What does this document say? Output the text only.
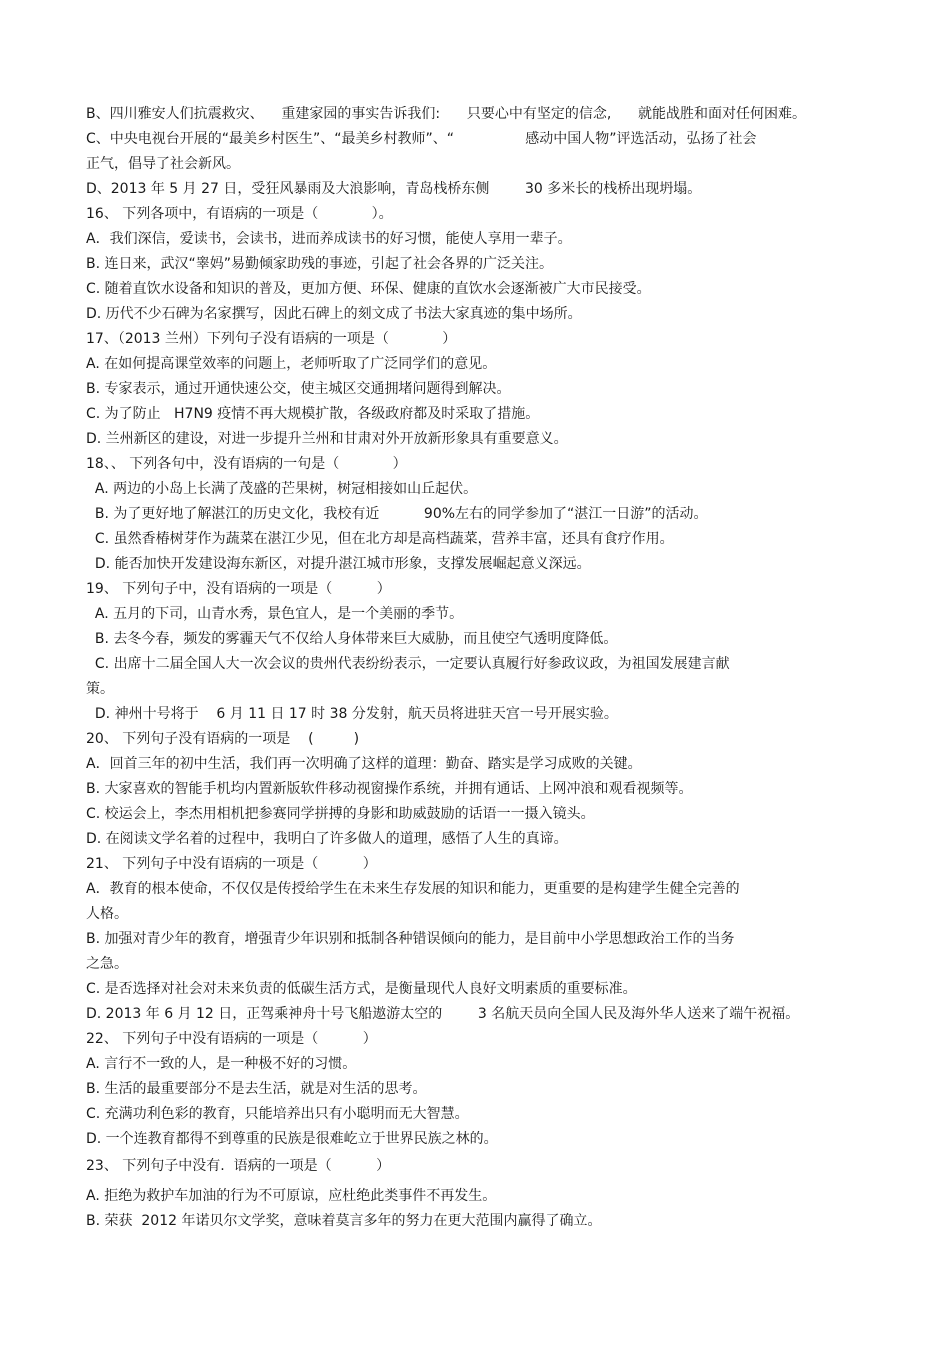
B、四川雅安人们抗震救灾、    重建家园的事实告诉我们:      只要心中有坚定的信念,      就能战胜和面对任何困难。
C、中央电视台开展的“最美乡村医生”、“最美乡村教师”、“                感动中国人物”评选活动，弘扬了社会
正气，倡导了社会新风。
D、2013 年 5 月 27 日，受狂风暴雨及大浪影响，青岛栈桥东侧        30 多米长的栈桥出现坍塌。
16、 下列各项中，有语病的一项是（            ）。
A．我们深信，爱读书，会读书，进而养成读书的好习惯，能使人享用一辈子。
B. 连日来，武汉“睾妈”易勤倾家助残的事迹，引起了社会各界的广泛关注。
C. 随着直饮水设备和知识的普及，更加方便、环保、健康的直饮水会逐渐被广大市民接受。
D. 历代不少石碑为名家撰写，因此石碑上的刻文成了书法大家真迹的集中场所。
17、（2013 兰州）下列句子没有语病的一项是（            ）
A. 在如何提高课堂效率的问题上，老师听取了广泛同学们的意见。
B. 专家表示，通过开通快速公交，使主城区交通拥堵问题得到解决。
C. 为了防止   H7N9 疫情不再大规模扩散，各级政府都及时采取了措施。
D. 兰州新区的建设，对进一步提升兰州和甘肃对外开放新形象具有重要意义。
18、、 下列各句中，没有语病的一句是（            ）
A. 两边的小岛上长满了茂盛的芒果树，树冠相接如山丘起伏。
B. 为了更好地了解湛江的历史文化，我校有近          90%左右的同学参加了“湛江一日游”的活动。
C. 虽然香椿树芽作为蔬菜在湛江少见，但在北方却是高档蔬菜，营养丰富，还具有食疗作用。
D. 能否加快开发建设海东新区，对提升湛江城市形象，支撑发展崛起意义深远。
19、 下列句子中，没有语病的一项是（          ）
A. 五月的下司，山青水秀，景色宜人，是一个美丽的季节。
B. 去冬今春，频发的雾霾天气不仅给人身体带来巨大威胁，而且使空气透明度降低。
C. 出席十二届全国人大一次会议的贵州代表纷纷表示，一定要认真履行好参政议政，为祖国发展建言献
策。
D. 神州十号将于    6 月 11 日 17 时 38 分发射，航天员将进驻天宫一号开展实验。
20、 下列句子没有语病的一项是    (         )
A．回首三年的初中生活，我们再一次明确了这样的道理：勤奋、踏实是学习成败的关键。
B. 大家喜欢的智能手机均内置新版软件移动视窗操作系统，并拥有通话、上网冲浪和观看视频等。
C. 校运会上，李杰用相机把参赛同学拼搏的身影和助威鼓励的话语一一摄入镜头。
D. 在阅读文学名着的过程中，我明白了许多做人的道理，感悟了人生的真谛。
21、 下列句子中没有语病的一项是（          ）
A．教育的根本使命，不仅仅是传授给学生在未来生存发展的知识和能力，更重要的是构建学生健全完善的
人格。
B. 加强对青少年的教育，增强青少年识别和抵制各种错误倾向的能力，是目前中小学思想政治工作的当务
之急。
C. 是否选择对社会对未来负责的低碳生活方式，是衡量现代人良好文明素质的重要标准。
D. 2013 年 6 月 12 日，正驾乘神舟十号飞船遨游太空的        3 名航天员向全国人民及海外华人送来了端午祝福。
22、 下列句子中没有语病的一项是（          ）
A. 言行不一致的人，是一种极不好的习惯。
B. 生活的最重要部分不是去生活，就是对生活的思考。
C. 充满功利色彩的教育，只能培养出只有小聪明而无大智慧。
D. 一个连教育都得不到尊重的民族是很难屹立于世界民族之林的。
23、 下列句子中没有.  语病的一项是（          ）
A. 拒绝为救护车加油的行为不可原谅，应杜绝此类事件不再发生。
B. 荣获  2012 年诺贝尔文学奖，意味着莫言多年的努力在更大范围内赢得了确立。
